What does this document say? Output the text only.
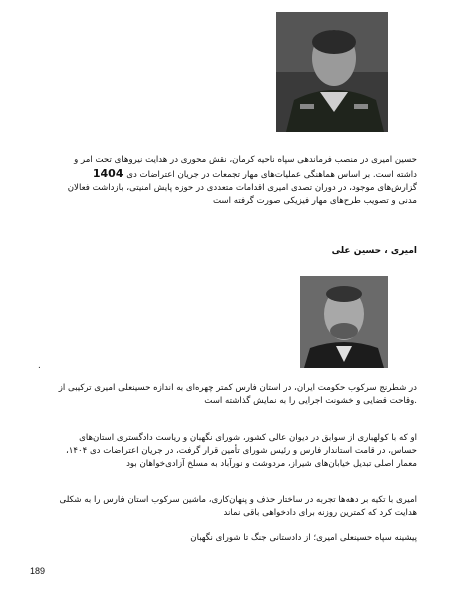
حسین امیری در منصب فرماندهی سپاه ناحیه کرمان، نقش محوری در هدایت نیروهای تحت امر و
داشته است. بر اساس هماهنگی عملیات‌های مهار تجمعات در جریان اعتراضات دی 1404
گزارش‌های موجود، در دوران تصدی امیری اقدامات متعددی در حوزه پایش امنیتی، بازداشت فعالان
مدنی و تصویب طرح‌های مهار فیزیکی صورت گرفته است
امیری ، حسین علی
.
در شطرنج سرکوب حکومت ایران، در استان فارس کمتر چهره‌ای به اندازه حسینعلی امیری ترکیبی از
.وقاحت قضایی و خشونت اجرایی را به نمایش گذاشته است
او که با کولهباری از سوابق در دیوان عالی کشور، شورای نگهبان و ریاست دادگستری استان‌های
حساس، در قامت استاندار فارس و رئیس شورای تأمین قرار گرفت، در جریان اعتراضات دی ۱۴۰۴،
معمار اصلی تبدیل خیابان‌های شیراز، مردوشت و نورآباد به مسلخ آزادی‌خواهان بود
امیری با تکیه بر دهه‌ها تجربه در ساختار حذف و پنهان‌کاری، ماشین سرکوب استان فارس را به شکلی
هدایت کرد که کمترین روزنه برای دادخواهی باقی نماند
پیشینه سپاه حسینعلی امیری؛ از دادستانی جنگ تا شورای نگهبان
189
